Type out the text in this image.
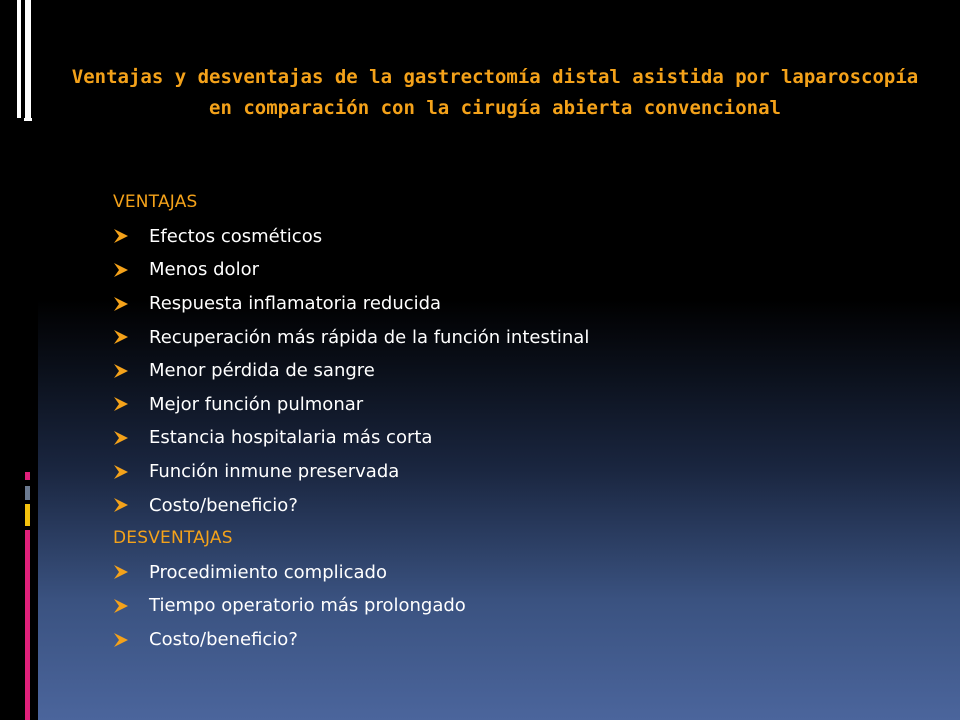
Ventajas y desventajas de la gastrectomía distal asistida por laparoscopía en comparación con la cirugía abierta convencional
VENTAJAS
Efectos cosméticos
Menos dolor
Respuesta inflamatoria reducida
Recuperación más rápida de la función intestinal
Menor pérdida de sangre
Mejor función pulmonar
Estancia hospitalaria más corta
Función inmune preservada
Costo/beneficio?
DESVENTAJAS
Procedimiento complicado
Tiempo operatorio más prolongado
Costo/beneficio?
